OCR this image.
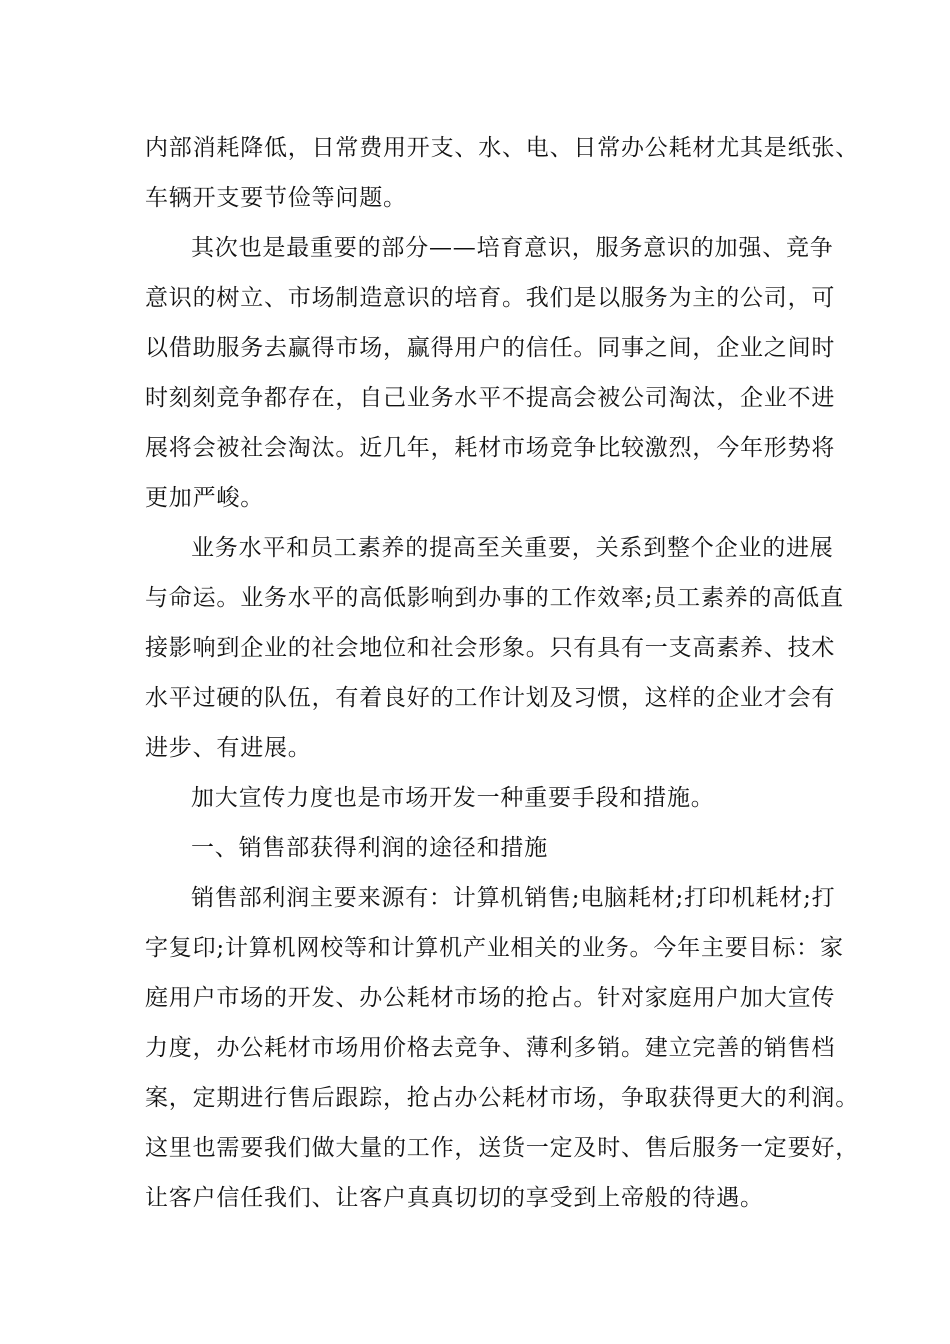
内部消耗降低，日常费用开支、水、电、日常办公耗材尤其是纸张、
车辆开支要节俭等问题。
其次也是最重要的部分——培育意识，服务意识的加强、竞争
意识的树立、市场制造意识的培育。我们是以服务为主的公司，可
以借助服务去赢得市场，赢得用户的信任。同事之间，企业之间时
时刻刻竞争都存在，自己业务水平不提高会被公司淘汰，企业不进
展将会被社会淘汰。近几年，耗材市场竞争比较激烈，今年形势将
更加严峻。
业务水平和员工素养的提高至关重要，关系到整个企业的进展
与命运。业务水平的高低影响到办事的工作效率;员工素养的高低直
接影响到企业的社会地位和社会形象。只有具有一支高素养、技术
水平过硬的队伍，有着良好的工作计划及习惯，这样的企业才会有
进步、有进展。
加大宣传力度也是市场开发一种重要手段和措施。
一、销售部获得利润的途径和措施
销售部利润主要来源有：计算机销售;电脑耗材;打印机耗材;打
字复印;计算机网校等和计算机产业相关的业务。今年主要目标：家
庭用户市场的开发、办公耗材市场的抢占。针对家庭用户加大宣传
力度，办公耗材市场用价格去竞争、薄利多销。建立完善的销售档
案，定期进行售后跟踪，抢占办公耗材市场，争取获得更大的利润。
这里也需要我们做大量的工作，送货一定及时、售后服务一定要好，
让客户信任我们、让客户真真切切的享受到上帝般的待遇。
